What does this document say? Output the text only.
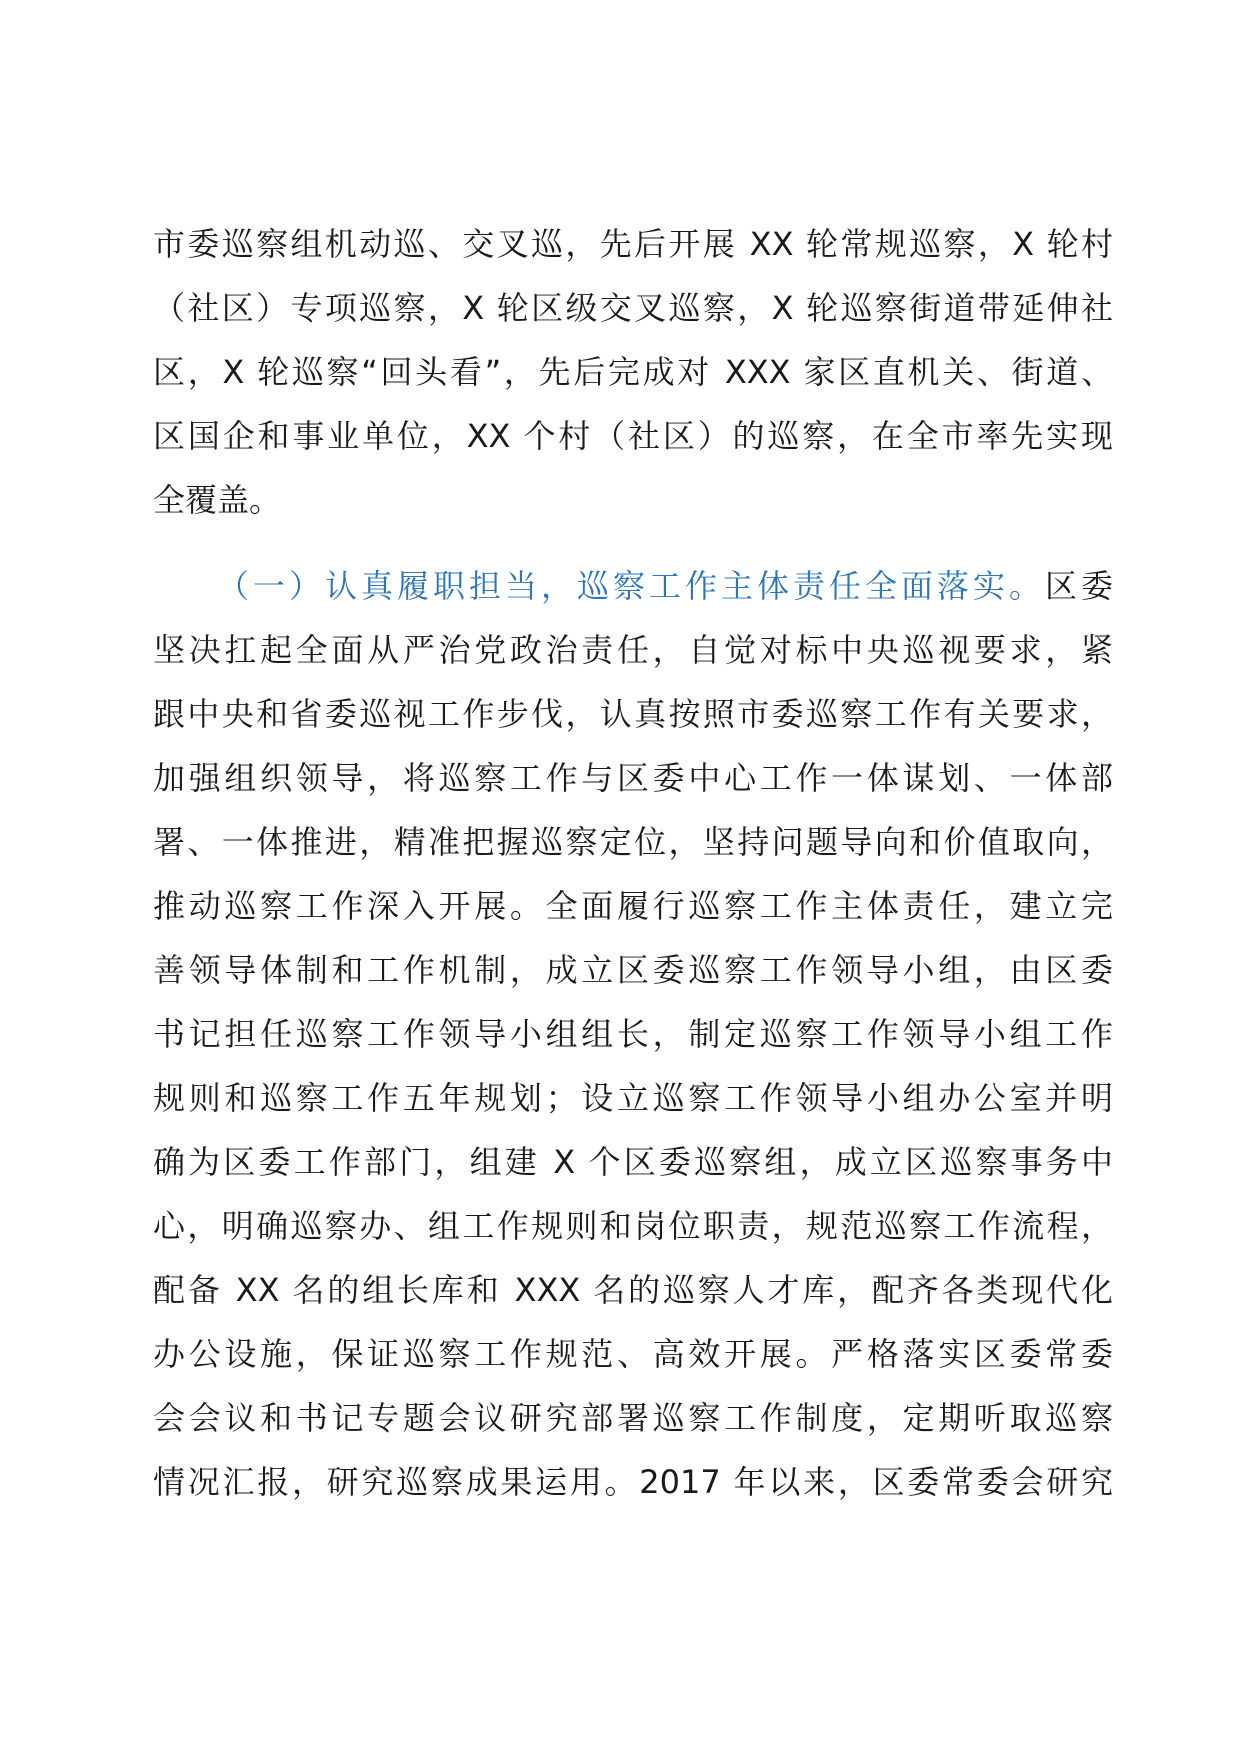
市委巡察组机动巡、交叉巡，先后开展 XX 轮常规巡察，X 轮村
（社区）专项巡察，X 轮区级交叉巡察，X 轮巡察街道带延伸社
区，X 轮巡察“回头看”，先后完成对 XXX 家区直机关、街道、
区国企和事业单位，XX 个村（社区）的巡察，在全市率先实现
全覆盖。
（一）认真履职担当，巡察工作主体责任全面落实。区委
坚决扛起全面从严治党政治责任，自觉对标中央巡视要求，紧
跟中央和省委巡视工作步伐，认真按照市委巡察工作有关要求，
加强组织领导，将巡察工作与区委中心工作一体谋划、一体部
署、一体推进，精准把握巡察定位，坚持问题导向和价值取向，
推动巡察工作深入开展。全面履行巡察工作主体责任，建立完
善领导体制和工作机制，成立区委巡察工作领导小组，由区委
书记担任巡察工作领导小组组长，制定巡察工作领导小组工作
规则和巡察工作五年规划；设立巡察工作领导小组办公室并明
确为区委工作部门，组建 X 个区委巡察组，成立区巡察事务中
心，明确巡察办、组工作规则和岗位职责，规范巡察工作流程，
配备 XX 名的组长库和 XXX 名的巡察人才库，配齐各类现代化
办公设施，保证巡察工作规范、高效开展。严格落实区委常委
会会议和书记专题会议研究部署巡察工作制度，定期听取巡察
情况汇报，研究巡察成果运用。2017 年以来，区委常委会研究
